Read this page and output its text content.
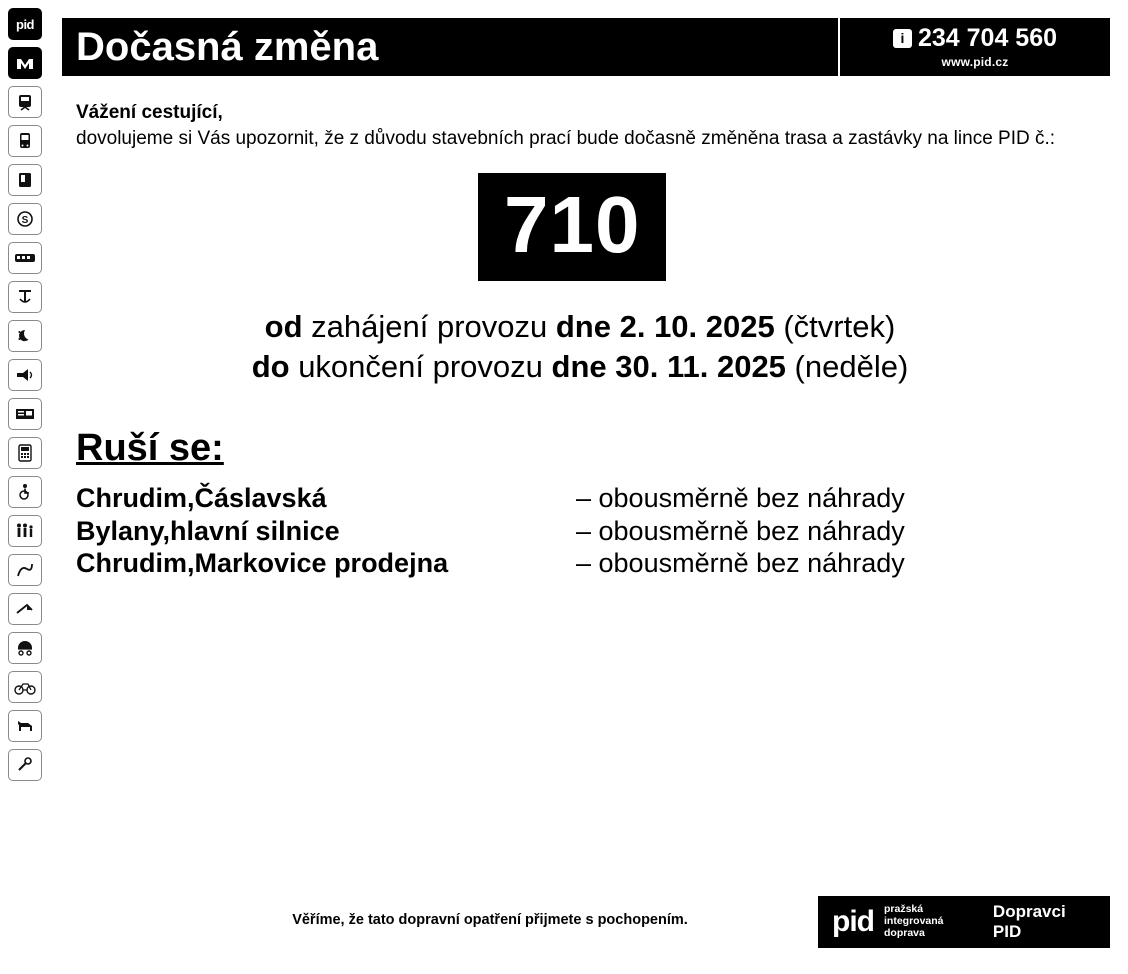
pid
S
Dočasná změna	i 234 704 560
www.pid.cz

Vážení cestující,

dovolujeme si Vás upozornit, že z důvodu stavebních prací bude dočasně změněna trasa a zastávky na lince PID č.:

710
od zahájení provozu dne 2. 10. 2025 (čtvrtek)
do ukončení provozu dne 30. 11. 2025 (neděle)
Ruší se:
Chrudim,Čáslavská	– obousměrně bez náhrady
Bylany,hlavní silnice	– obousměrně bez náhrady
Chrudim,Markovice prodejna	– obousměrně bez náhrady
Věříme, že tato dopravní opatření přijmete s pochopením.	pid pražská integrovaná
doprava
Dopravci PID
